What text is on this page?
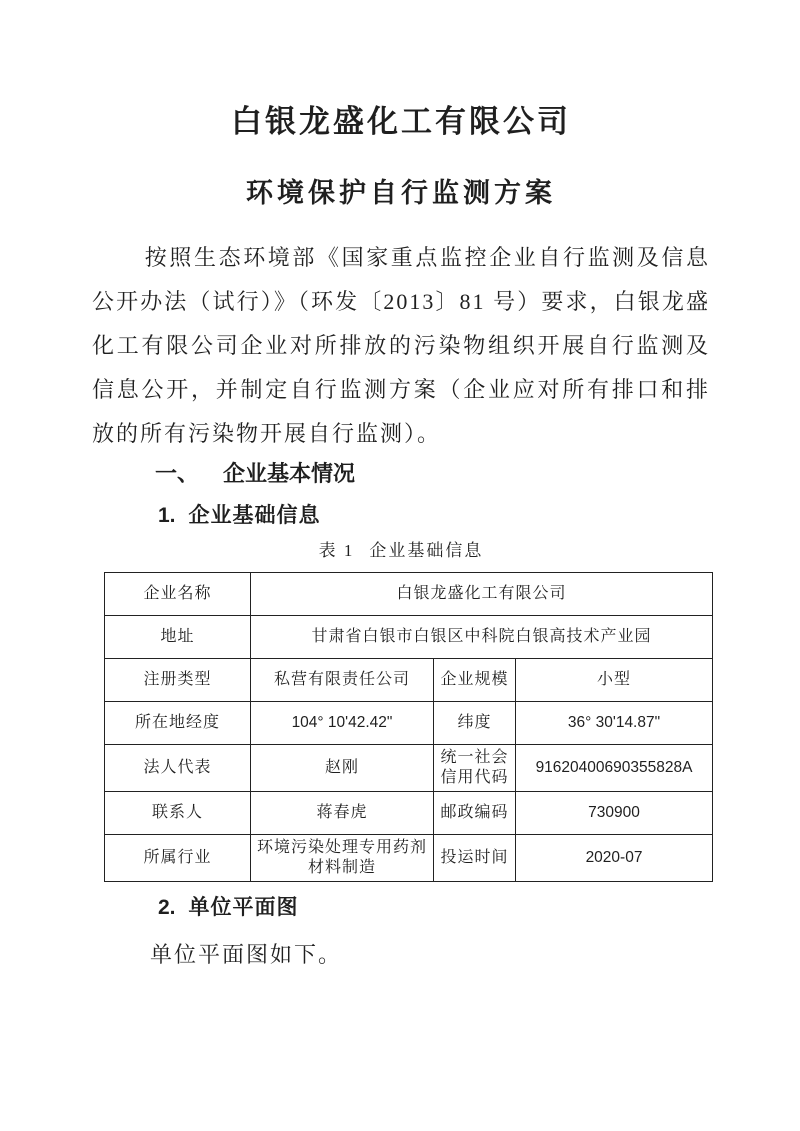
白银龙盛化工有限公司
环境保护自行监测方案

按照生态环境部《国家重点监控企业自行监测及信息公开办法（试行）》（环发〔2013〕81 号）要求，白银龙盛化工有限公司企业对所排放的污染物组织开展自行监测及信息公开，并制定自行监测方案（企业应对所有排口和排放的所有污染物开展自行监测）。

一、 企业基本情况
1. 企业基础信息
表 1 企业基础信息
企业名称	白银龙盛化工有限公司		
地址	甘肃省白银市白银区中科院白银高技术产业园		
注册类型	私营有限责任公司	企业规模	小型
所在地经度	104° 10'42.42"	纬度	36° 30'14.87"
法人代表	赵刚	统一社会信用代码	91620400690355828A
联系人	蒋春虎	邮政编码	730900
所属行业	环境污染处理专用药剂材料制造	投运时间	2020-07
2. 单位平面图

单位平面图如下。
